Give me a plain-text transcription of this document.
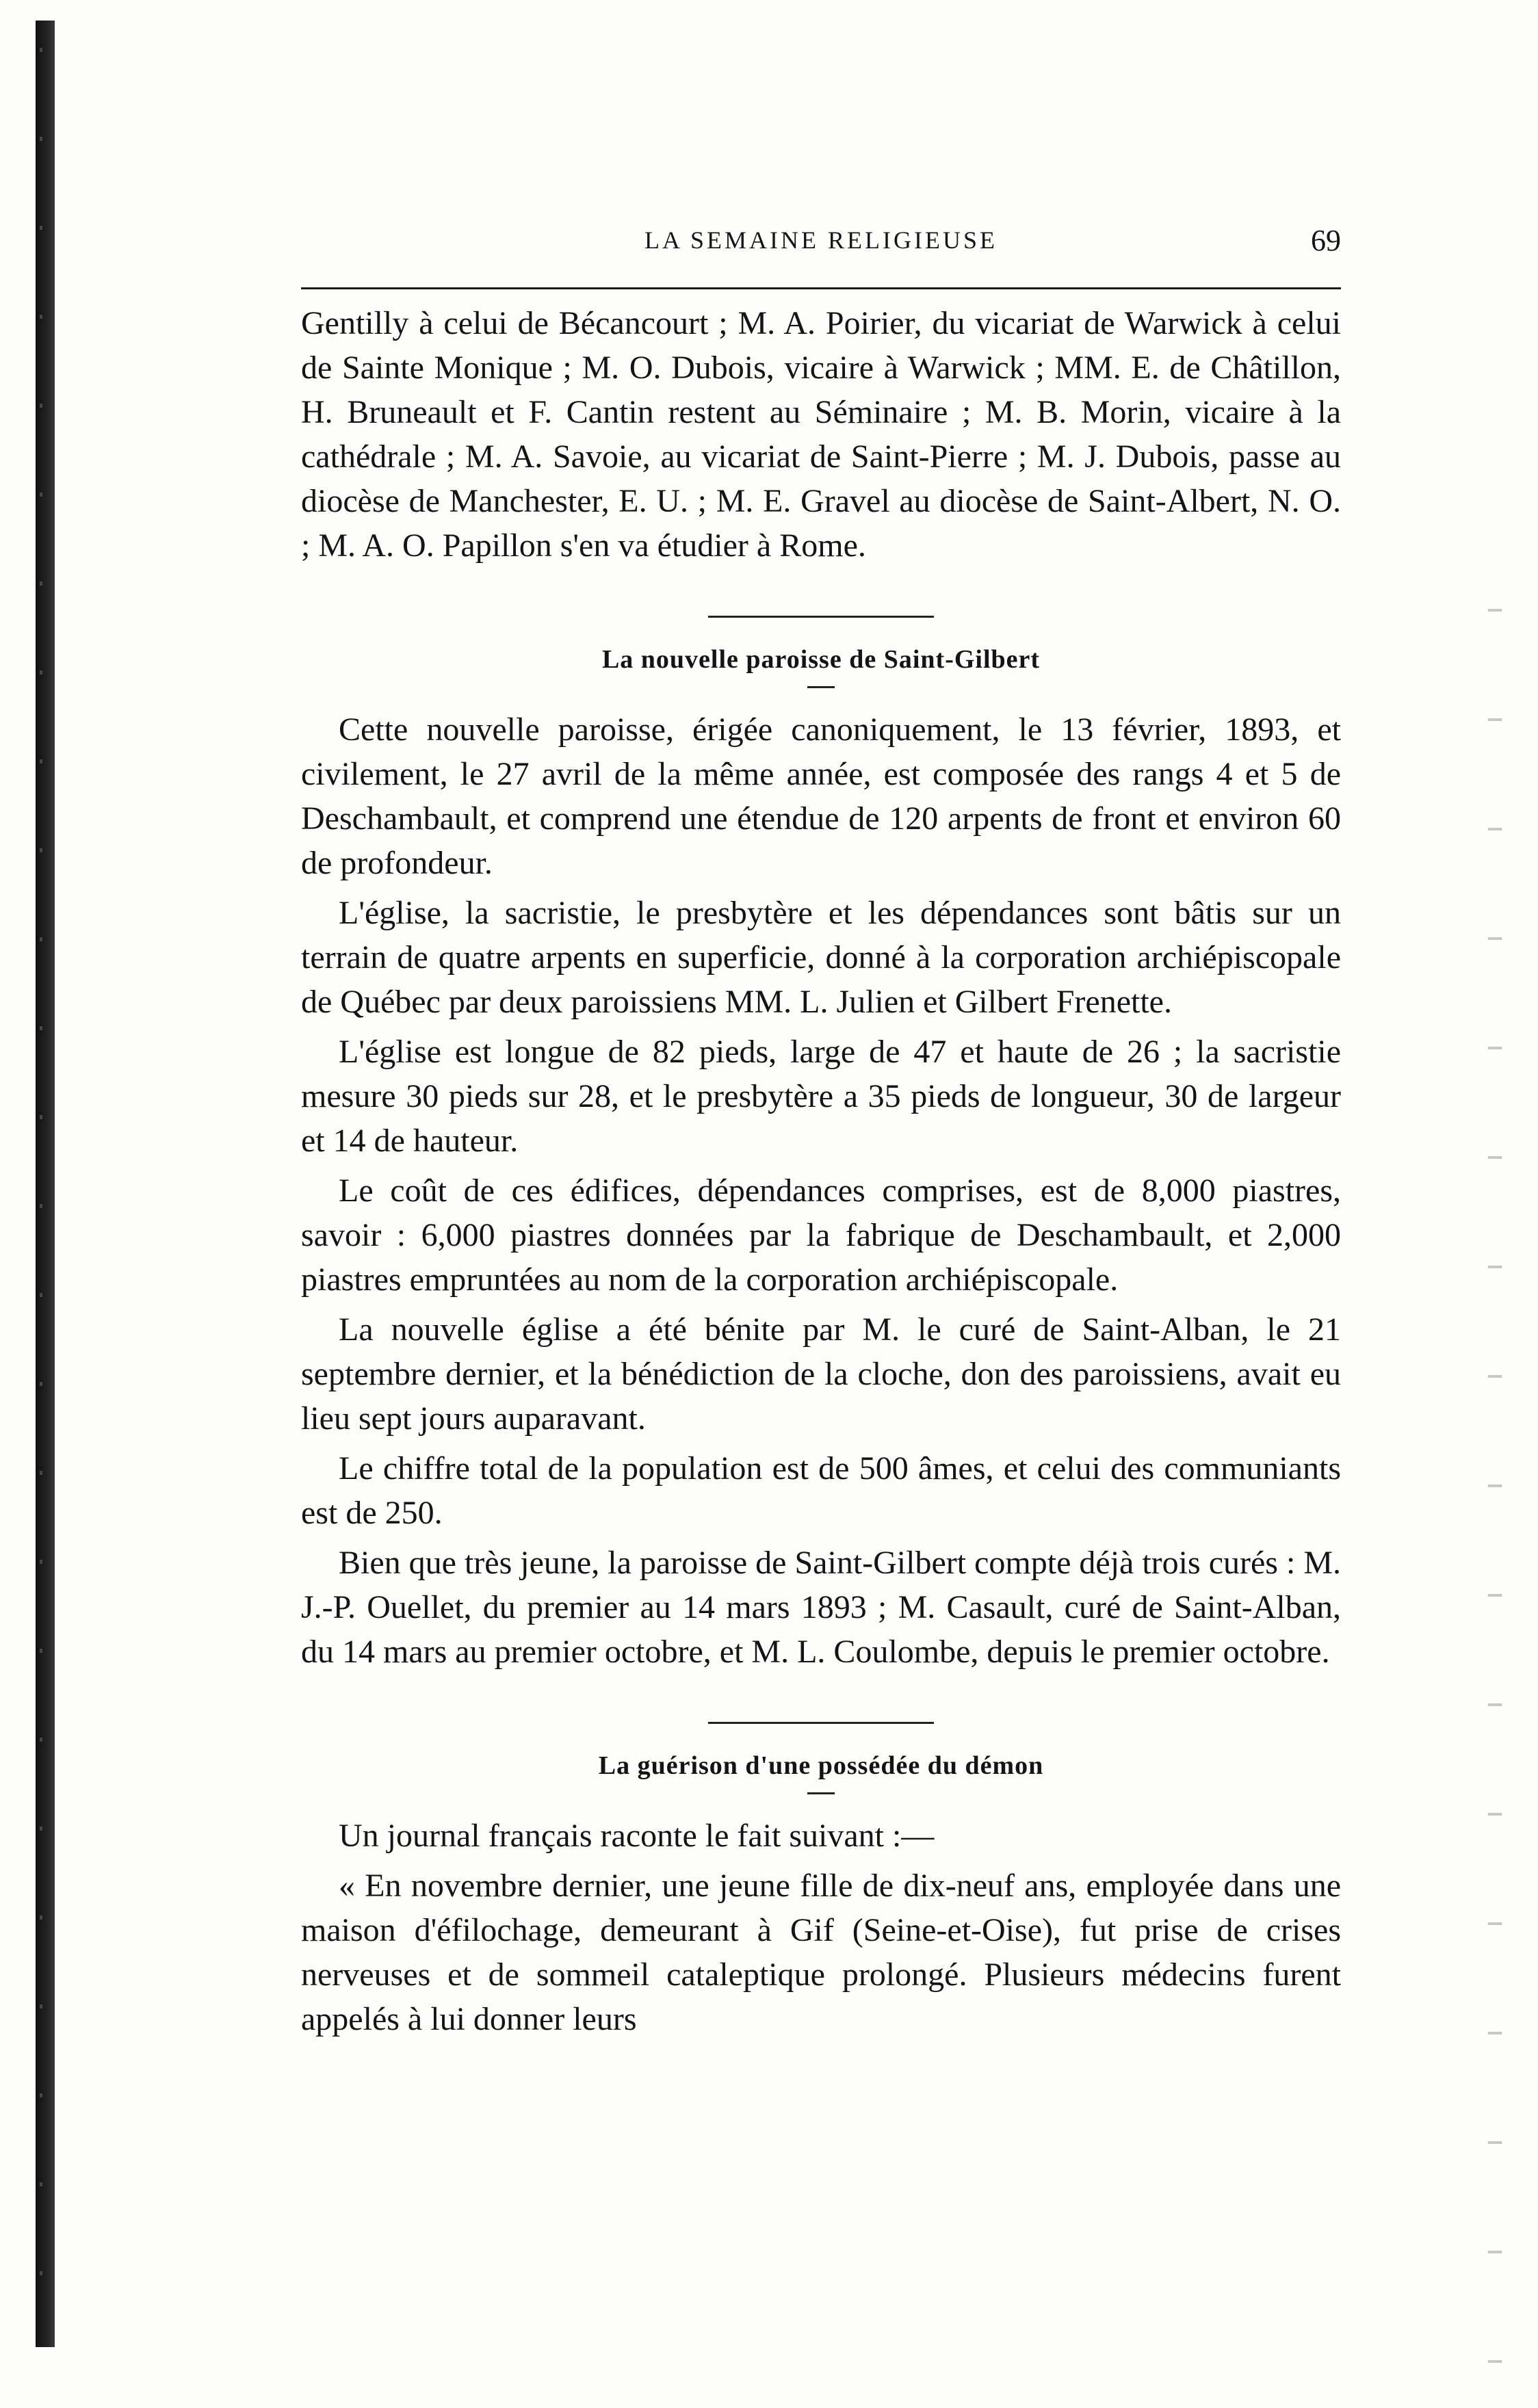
LA SEMAINE RELIGIEUSE	69

Gentilly à celui de Bécancourt ; M. A. Poirier, du vicariat de Warwick à celui de Sainte Monique ; M. O. Dubois, vicaire à Warwick ; MM. E. de Châtillon, H. Bruneault et F. Cantin restent au Séminaire ; M. B. Morin, vicaire à la cathédrale ; M. A. Savoie, au vicariat de Saint-Pierre ; M. J. Dubois, passe au diocèse de Manchester, E. U. ; M. E. Gravel au diocèse de Saint-Albert, N. O. ; M. A. O. Papillon s'en va étudier à Rome.

La nouvelle paroisse de Saint-Gilbert

Cette nouvelle paroisse, érigée canoniquement, le 13 février, 1893, et civilement, le 27 avril de la même année, est composée des rangs 4 et 5 de Deschambault, et comprend une étendue de 120 arpents de front et environ 60 de profondeur.

L'église, la sacristie, le presbytère et les dépendances sont bâtis sur un terrain de quatre arpents en superficie, donné à la corporation archiépiscopale de Québec par deux paroissiens MM. L. Julien et Gilbert Frenette.

L'église est longue de 82 pieds, large de 47 et haute de 26 ; la sacristie mesure 30 pieds sur 28, et le presbytère a 35 pieds de longueur, 30 de largeur et 14 de hauteur.

Le coût de ces édifices, dépendances comprises, est de 8,000 piastres, savoir : 6,000 piastres données par la fabrique de Deschambault, et 2,000 piastres empruntées au nom de la corporation archiépiscopale.

La nouvelle église a été bénite par M. le curé de Saint-Alban, le 21 septembre dernier, et la bénédiction de la cloche, don des paroissiens, avait eu lieu sept jours auparavant.

Le chiffre total de la population est de 500 âmes, et celui des communiants est de 250.

Bien que très jeune, la paroisse de Saint-Gilbert compte déjà trois curés : M. J.-P. Ouellet, du premier au 14 mars 1893 ; M. Casault, curé de Saint-Alban, du 14 mars au premier octobre, et M. L. Coulombe, depuis le premier octobre.

La guérison d'une possédée du démon

Un journal français raconte le fait suivant :—

« En novembre dernier, une jeune fille de dix-neuf ans, employée dans une maison d'éfilochage, demeurant à Gif (Seine-et-Oise), fut prise de crises nerveuses et de sommeil cataleptique prolongé. Plusieurs médecins furent appelés à lui donner leurs
